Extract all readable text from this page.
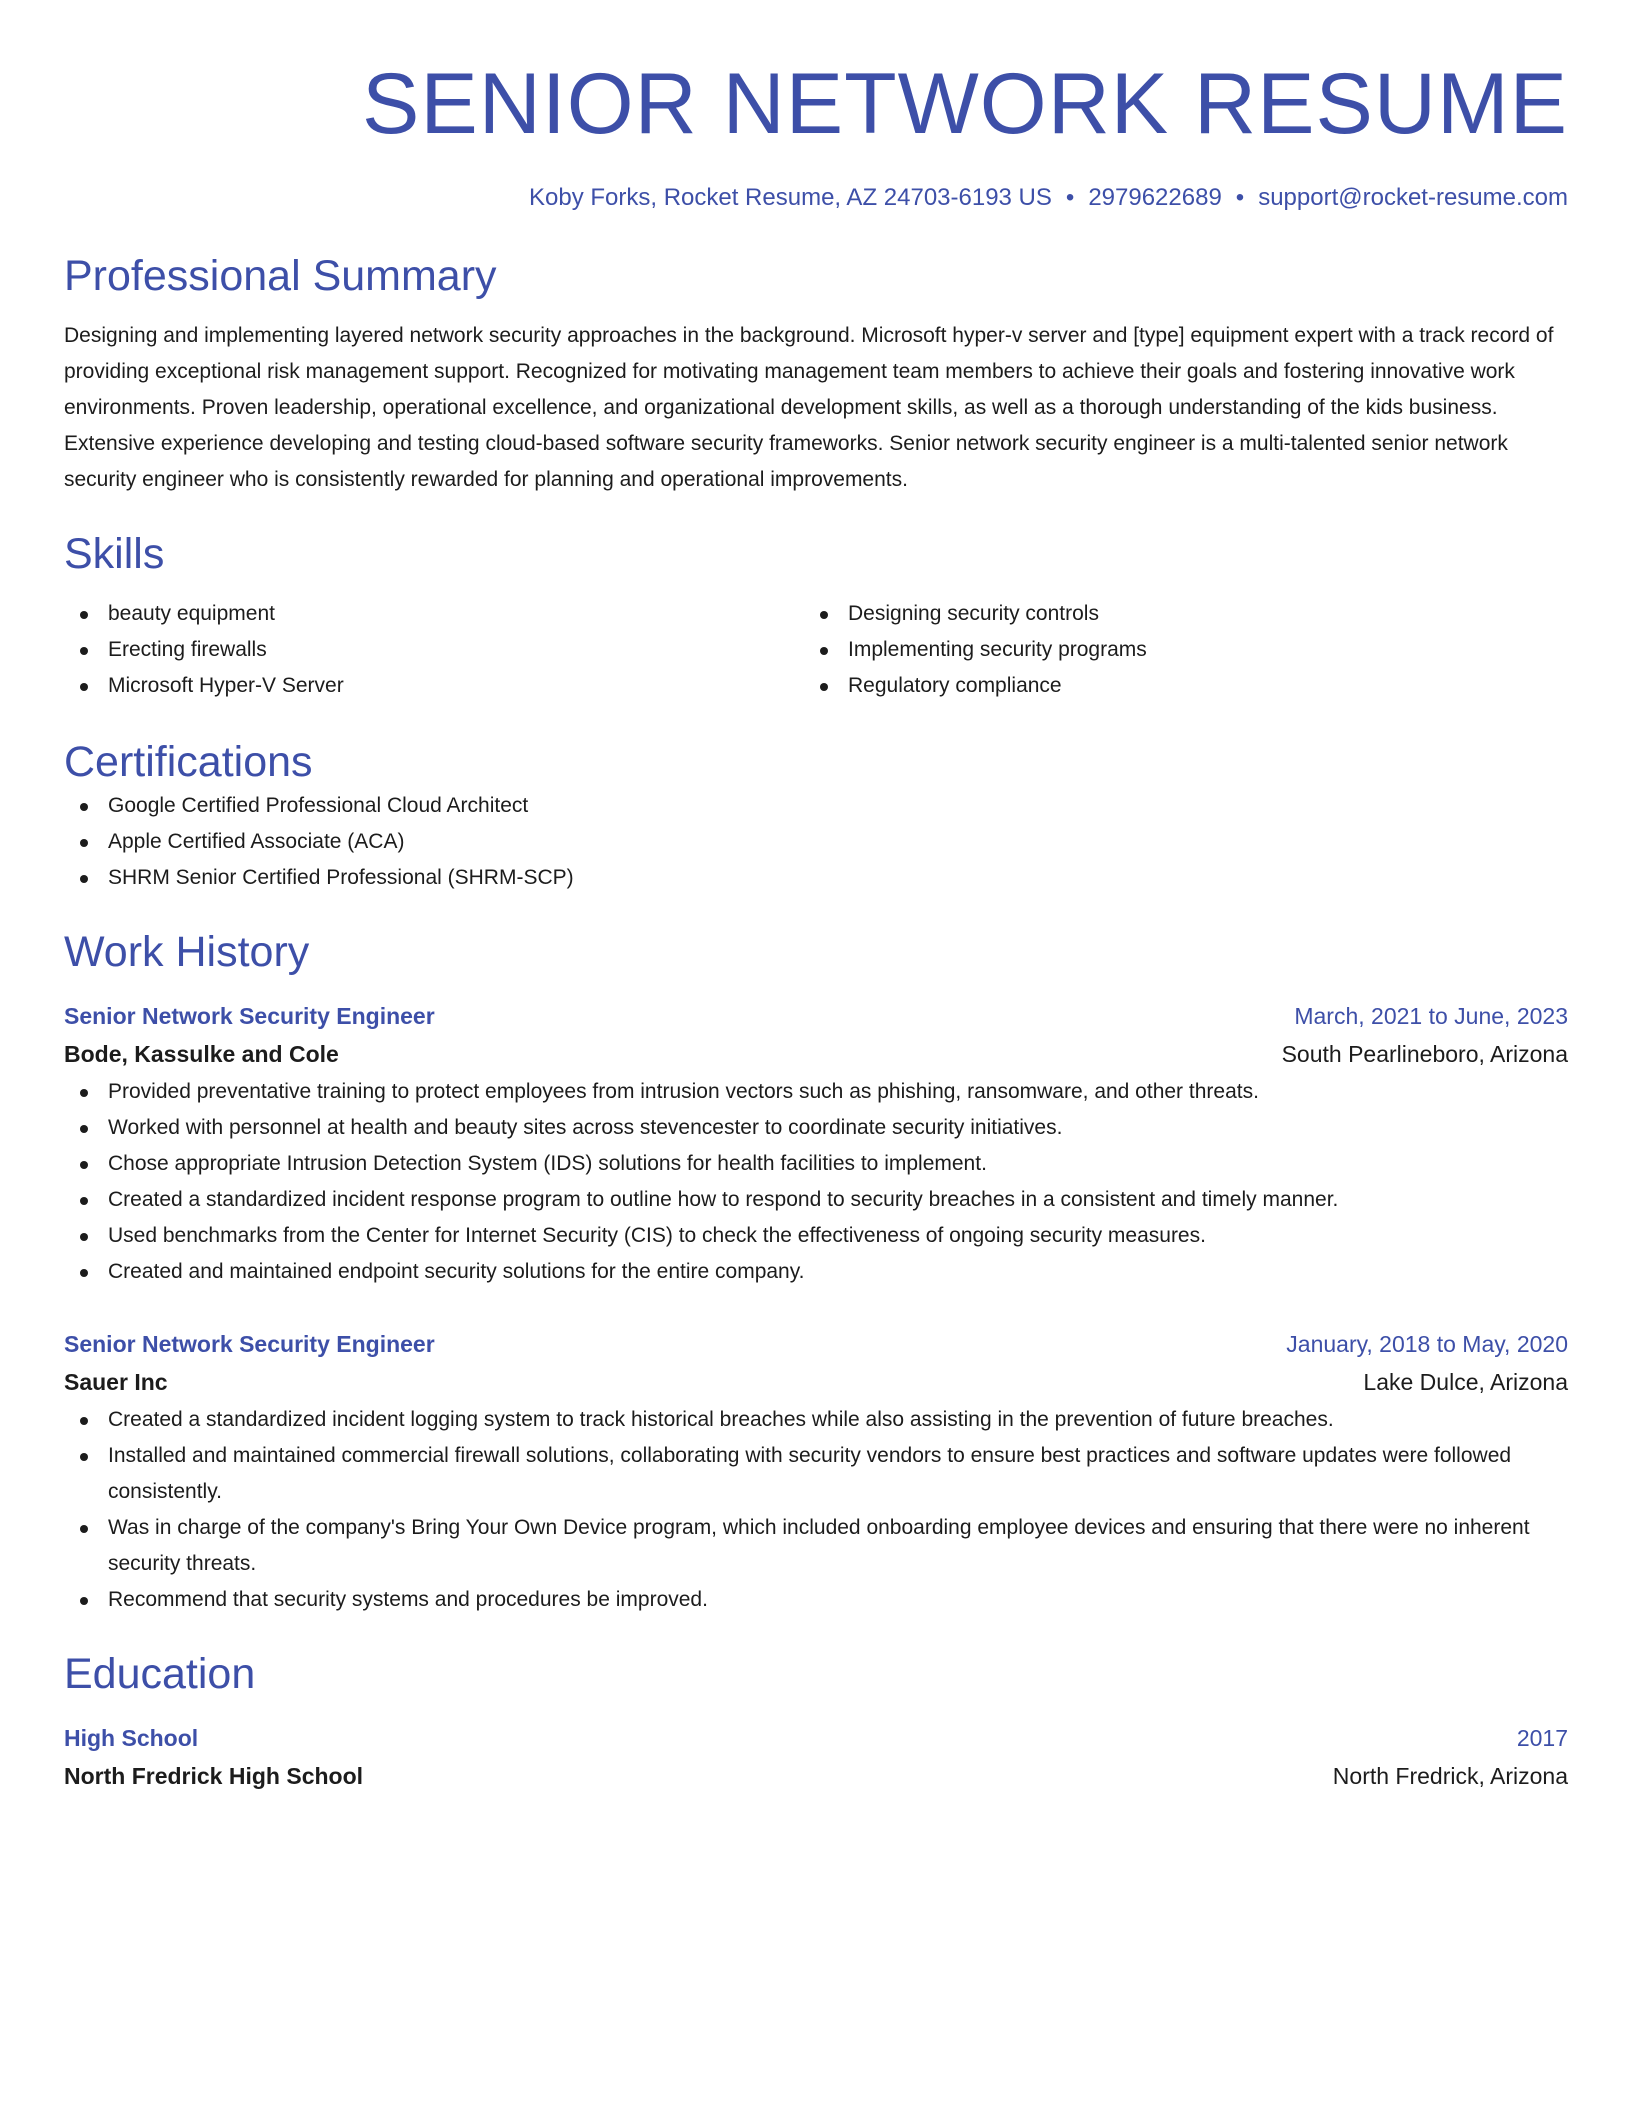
SENIOR NETWORK RESUME
Koby Forks, Rocket Resume, AZ 24703-6193 US • 2979622689 • support@rocket-resume.com
Professional Summary

Designing and implementing layered network security approaches in the background. Microsoft hyper-v server and [type] equipment expert with a track record of providing exceptional risk management support. Recognized for motivating management team members to achieve their goals and fostering innovative work environments. Proven leadership, operational excellence, and organizational development skills, as well as a thorough understanding of the kids business. Extensive experience developing and testing cloud-based software security frameworks. Senior network security engineer is a multi-talented senior network security engineer who is consistently rewarded for planning and operational improvements.

Skills
beauty equipment
Erecting firewalls
Microsoft Hyper-V Server
Designing security controls
Implementing security programs
Regulatory compliance
Certifications
Google Certified Professional Cloud Architect
Apple Certified Associate (ACA)
SHRM Senior Certified Professional (SHRM-SCP)
Work History
Senior Network Security Engineer	March, 2021 to June, 2023
Bode, Kassulke and Cole	South Pearlineboro, Arizona
Provided preventative training to protect employees from intrusion vectors such as phishing, ransomware, and other threats.
Worked with personnel at health and beauty sites across stevencester to coordinate security initiatives.
Chose appropriate Intrusion Detection System (IDS) solutions for health facilities to implement.
Created a standardized incident response program to outline how to respond to security breaches in a consistent and timely manner.
Used benchmarks from the Center for Internet Security (CIS) to check the effectiveness of ongoing security measures.
Created and maintained endpoint security solutions for the entire company.
Senior Network Security Engineer	January, 2018 to May, 2020
Sauer Inc	Lake Dulce, Arizona
Created a standardized incident logging system to track historical breaches while also assisting in the prevention of future breaches.
Installed and maintained commercial firewall solutions, collaborating with security vendors to ensure best practices and software updates were followed consistently.
Was in charge of the company's Bring Your Own Device program, which included onboarding employee devices and ensuring that there were no inherent security threats.
Recommend that security systems and procedures be improved.
Education
High School	2017
North Fredrick High School	North Fredrick, Arizona
